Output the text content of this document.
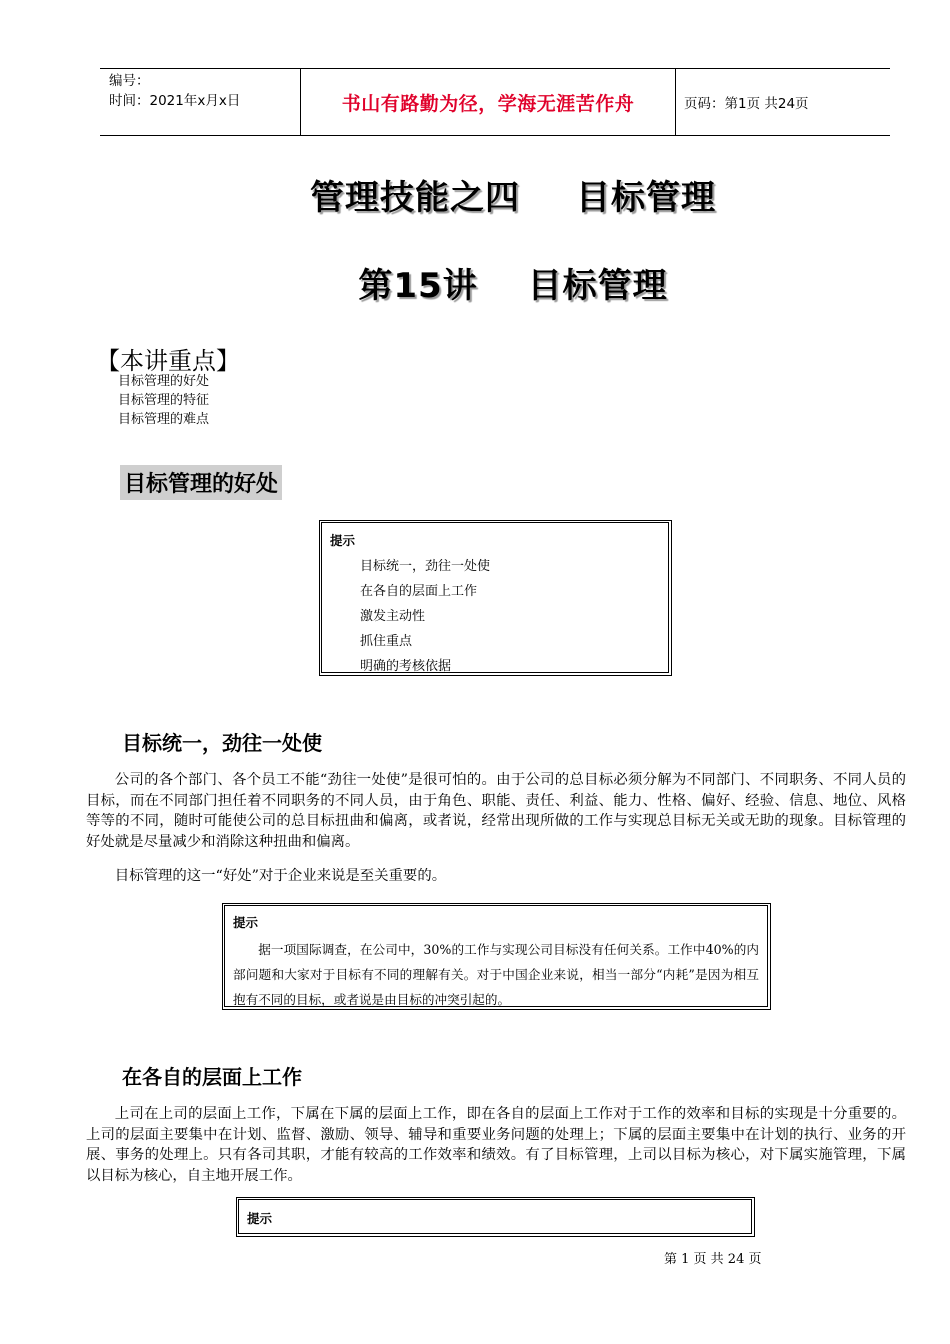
编号：
时间：2021年x月x日	书山有路勤为径，学海无涯苦作舟	页码：第1页 共24页
管理技能之四 目标管理
第15讲 目标管理
【本讲重点】
目标管理的好处
目标管理的特征
目标管理的难点
目标管理的好处
提示
目标统一，劲往一处使
在各自的层面上工作
激发主动性
抓住重点
明确的考核依据
目标统一，劲往一处使
公司的各个部门、各个员工不能“劲往一处使”是很可怕的。由于公司的总目标必须分解为不同部门、不同职务、不同人员的目标，而在不同部门担任着不同职务的不同人员，由于角色、职能、责任、利益、能力、性格、偏好、经验、信息、地位、风格等等的不同，随时可能使公司的总目标扭曲和偏离，或者说，经常出现所做的工作与实现总目标无关或无助的现象。目标管理的好处就是尽量减少和消除这种扭曲和偏离。
目标管理的这一“好处”对于企业来说是至关重要的。
提示
据一项国际调查，在公司中，30%的工作与实现公司目标没有任何关系。工作中40%的内部问题和大家对于目标有不同的理解有关。对于中国企业来说，相当一部分“内耗”是因为相互抱有不同的目标，或者说是由目标的冲突引起的。
在各自的层面上工作
上司在上司的层面上工作，下属在下属的层面上工作，即在各自的层面上工作对于工作的效率和目标的实现是十分重要的。上司的层面主要集中在计划、监督、激励、领导、辅导和重要业务问题的处理上；下属的层面主要集中在计划的执行、业务的开展、事务的处理上。只有各司其职，才能有较高的工作效率和绩效。有了目标管理，上司以目标为核心，对下属实施管理，下属以目标为核心，自主地开展工作。
提示
第 1 页 共 24 页
